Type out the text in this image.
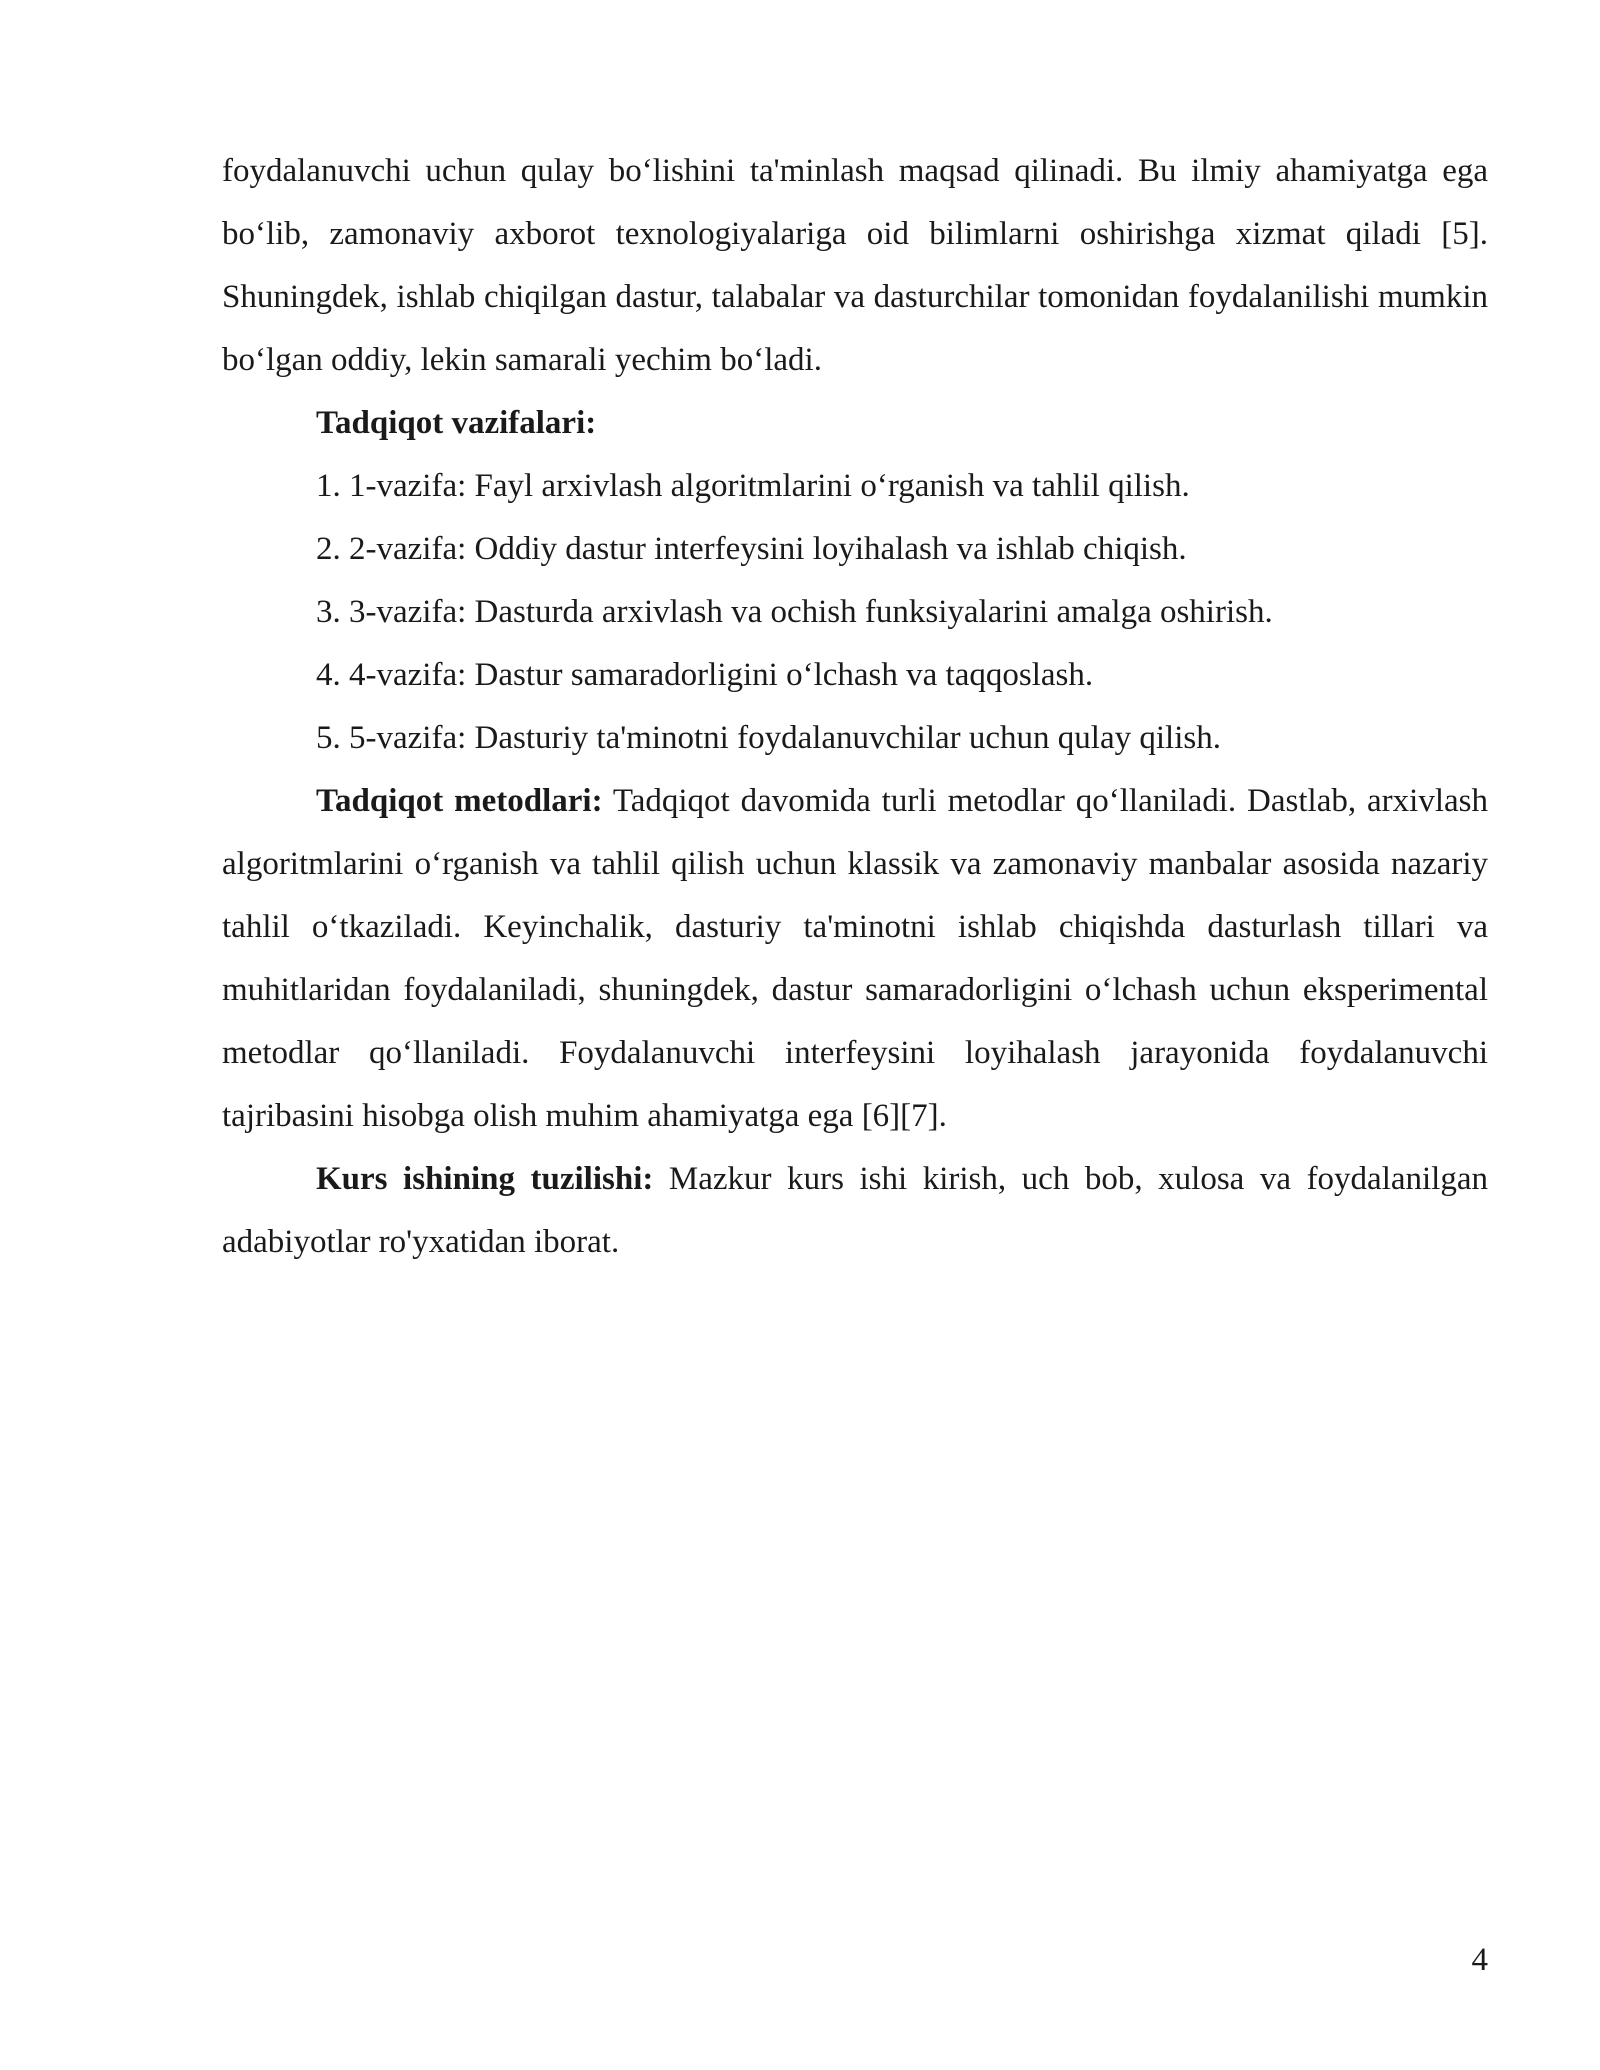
foydalanuvchi uchun qulay bo‘lishini ta'minlash maqsad qilinadi. Bu ilmiy ahamiyatga ega bo‘lib, zamonaviy axborot texnologiyalariga oid bilimlarni oshirishga xizmat qiladi [5]. Shuningdek, ishlab chiqilgan dastur, talabalar va dasturchilar tomonidan foydalanilishi mumkin bo‘lgan oddiy, lekin samarali yechim bo‘ladi.

Tadqiqot vazifalari:

1. 1-vazifa: Fayl arxivlash algoritmlarini o‘rganish va tahlil qilish.
2. 2-vazifa: Oddiy dastur interfeysini loyihalash va ishlab chiqish.
3. 3-vazifa: Dasturda arxivlash va ochish funksiyalarini amalga oshirish.
4. 4-vazifa: Dastur samaradorligini o‘lchash va taqqoslash.
5. 5-vazifa: Dasturiy ta'minotni foydalanuvchilar uchun qulay qilish.

Tadqiqot metodlari: Tadqiqot davomida turli metodlar qo‘llaniladi. Dastlab, arxivlash algoritmlarini o‘rganish va tahlil qilish uchun klassik va zamonaviy manbalar asosida nazariy tahlil o‘tkaziladi. Keyinchalik, dasturiy ta'minotni ishlab chiqishda dasturlash tillari va muhitlaridan foydalaniladi, shuningdek, dastur samaradorligini o‘lchash uchun eksperimental metodlar qo‘llaniladi. Foydalanuvchi interfeysini loyihalash jarayonida foydalanuvchi tajribasini hisobga olish muhim ahamiyatga ega [6][7].

Kurs ishining tuzilishi: Mazkur kurs ishi kirish, uch bob, xulosa va foydalanilgan adabiyotlar ro'yxatidan iborat.

4
